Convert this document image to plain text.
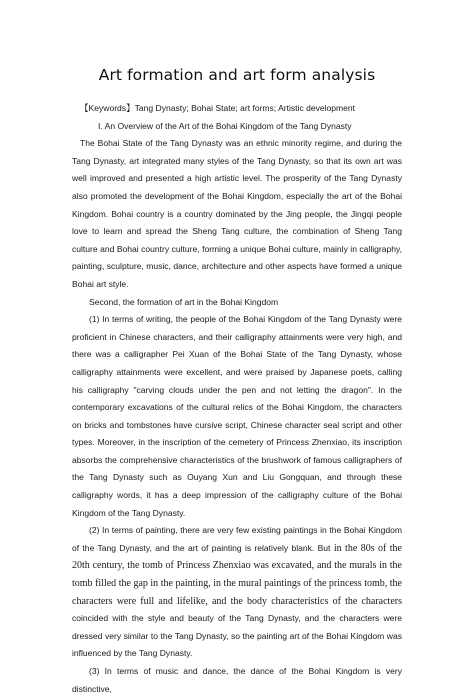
Art formation and art form analysis

【Keywords】Tang Dynasty; Bohai State; art forms; Artistic development

I. An Overview of the Art of the Bohai Kingdom of the Tang Dynasty

The Bohai State of the Tang Dynasty was an ethnic minority regime, and during the Tang Dynasty, art integrated many styles of the Tang Dynasty, so that its own art was well improved and presented a high artistic level. The prosperity of the Tang Dynasty also promoted the development of the Bohai Kingdom, especially the art of the Bohai Kingdom. Bohai country is a country dominated by the Jing people, the Jingqi people love to learn and spread the Sheng Tang culture, the combination of Sheng Tang culture and Bohai country culture, forming a unique Bohai culture, mainly in calligraphy, painting, sculpture, music, dance, architecture and other aspects have formed a unique Bohai art style.

Second, the formation of art in the Bohai Kingdom

(1) In terms of writing, the people of the Bohai Kingdom of the Tang Dynasty were proficient in Chinese characters, and their calligraphy attainments were very high, and there was a calligrapher Pei Xuan of the Bohai State of the Tang Dynasty, whose calligraphy attainments were excellent, and were praised by Japanese poets, calling his calligraphy "carving clouds under the pen and not letting the dragon". In the contemporary excavations of the cultural relics of the Bohai Kingdom, the characters on bricks and tombstones have cursive script, Chinese character seal script and other types. Moreover, in the inscription of the cemetery of Princess Zhenxiao, its inscription absorbs the comprehensive characteristics of the brushwork of famous calligraphers of the Tang Dynasty such as Ouyang Xun and Liu Gongquan, and through these calligraphy words, it has a deep impression of the calligraphy culture of the Bohai Kingdom of the Tang Dynasty.

(2) In terms of painting, there are very few existing paintings in the Bohai Kingdom of the Tang Dynasty, and the art of painting is relatively blank. But in the 80s of the 20th century, the tomb of Princess Zhenxiao was excavated, and the murals in the tomb filled the gap in the painting, in the mural paintings of the princess tomb, the characters were full and lifelike, and the body characteristics of the characters coincided with the style and beauty of the Tang Dynasty, and the characters were dressed very similar to the Tang Dynasty, so the painting art of the Bohai Kingdom was influenced by the Tang Dynasty.

(3) In terms of music and dance, the dance of the Bohai Kingdom is very distinctive,
